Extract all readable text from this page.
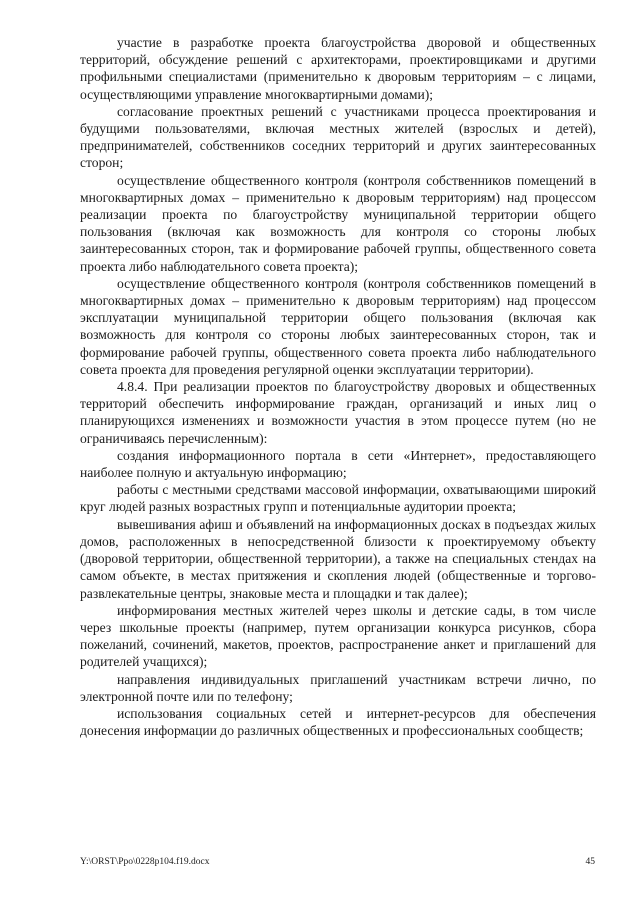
участие в разработке проекта благоустройства дворовой и общественных территорий, обсуждение решений с архитекторами, проектировщиками и другими профильными специалистами (применительно к дворовым территориям – с лицами, осуществляющими управление многоквартирными домами);

согласование проектных решений с участниками процесса проектирования и будущими пользователями, включая местных жителей (взрослых и детей), предпринимателей, собственников соседних территорий и других заинтересованных сторон;

осуществление общественного контроля (контроля собственников помещений в многоквартирных домах – применительно к дворовым территориям) над процессом реализации проекта по благоустройству муниципальной территории общего пользования (включая как возможность для контроля со стороны любых заинтересованных сторон, так и формирование рабочей группы, общественного совета проекта либо наблюдательного совета проекта);

осуществление общественного контроля (контроля собственников помещений в многоквартирных домах – применительно к дворовым территориям) над процессом эксплуатации муниципальной территории общего пользования (включая как возможность для контроля со стороны любых заинтересованных сторон, так и формирование рабочей группы, общественного совета проекта либо наблюдательного совета проекта для проведения регулярной оценки эксплуатации территории).

4.8.4. При реализации проектов по благоустройству дворовых и общественных территорий обеспечить информирование граждан, организаций и иных лиц о планирующихся изменениях и возможности участия в этом процессе путем (но не ограничиваясь перечисленным):

создания информационного портала в сети «Интернет», предоставляющего наиболее полную и актуальную информацию;

работы с местными средствами массовой информации, охватывающими широкий круг людей разных возрастных групп и потенциальные аудитории проекта;

вывешивания афиш и объявлений на информационных досках в подъездах жилых домов, расположенных в непосредственной близости к проектируемому объекту (дворовой территории, общественной территории), а также на специальных стендах на самом объекте, в местах притяжения и скопления людей (общественные и торгово-развлекательные центры, знаковые места и площадки и так далее);

информирования местных жителей через школы и детские сады, в том числе через школьные проекты (например, путем организации конкурса рисунков, сбора пожеланий, сочинений, макетов, проектов, распространение анкет и приглашений для родителей учащихся);

направления индивидуальных приглашений участникам встречи лично, по электронной почте или по телефону;

использования социальных сетей и интернет-ресурсов для обеспечения донесения информации до различных общественных и профессиональных сообществ;

Y:\ORST\Ppo\0228p104.f19.docx	45
